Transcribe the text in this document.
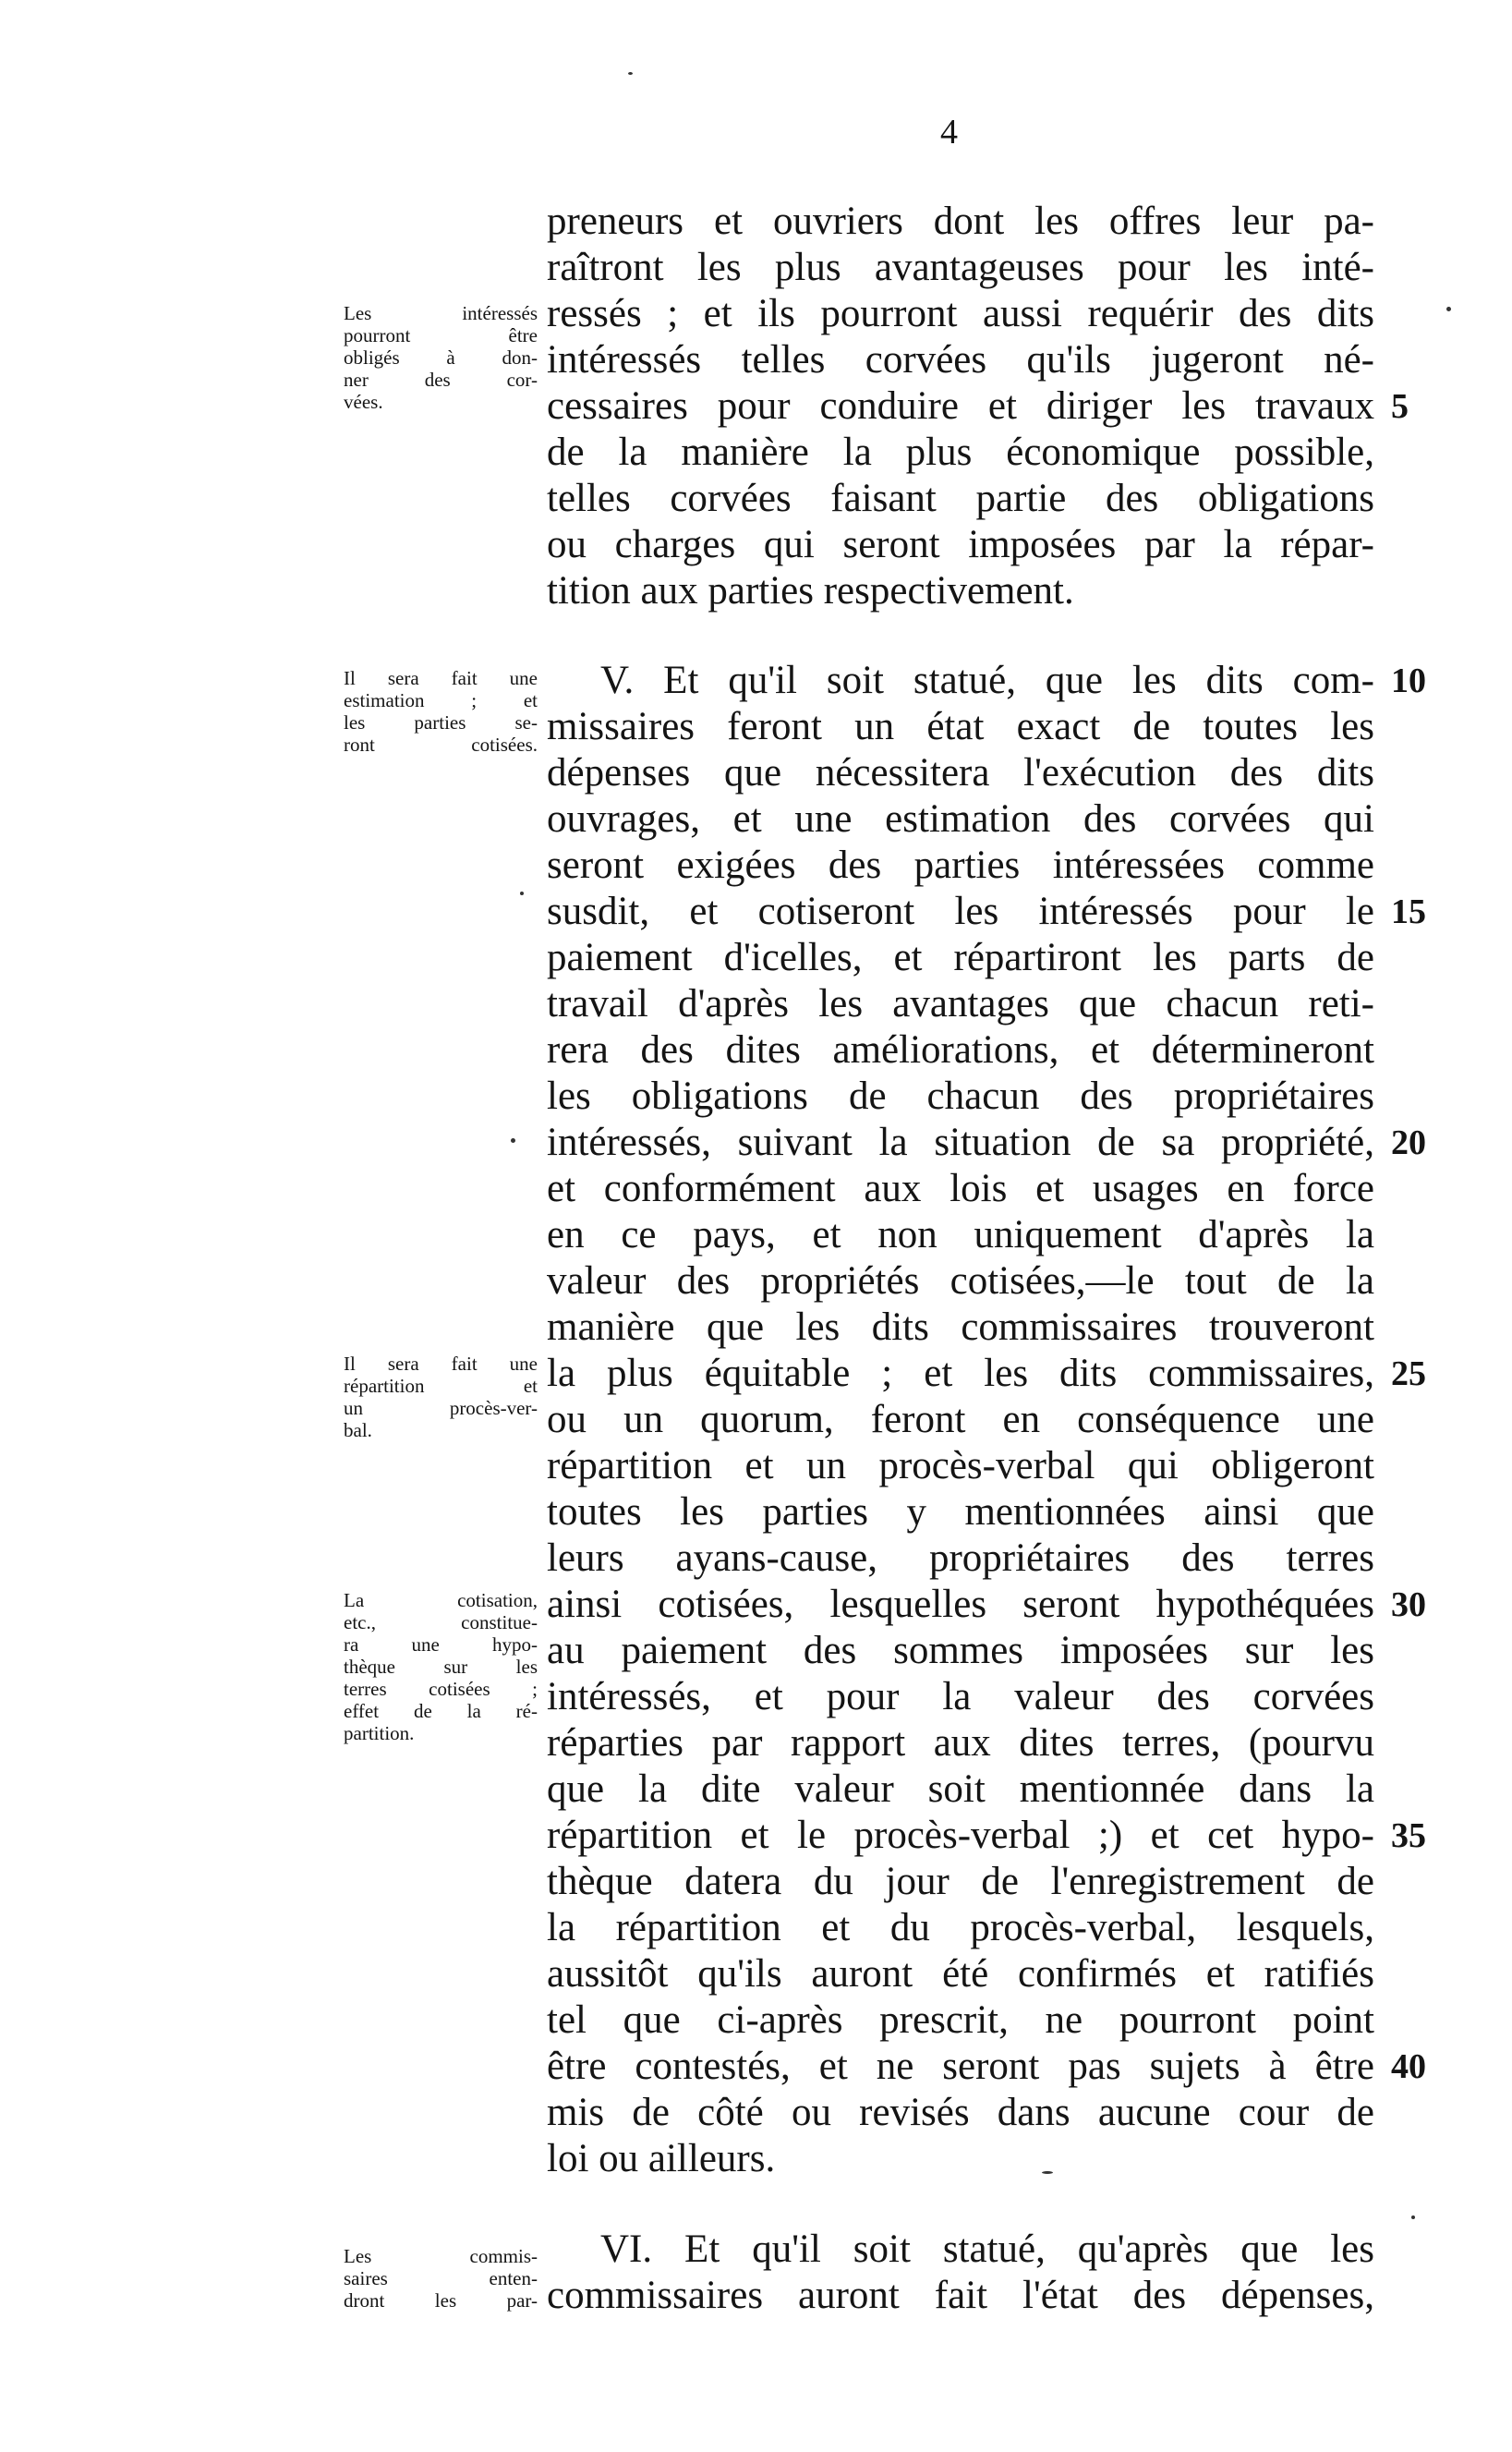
4
preneurs et ouvriers dont les offres leur pa-
raîtront les plus avantageuses pour les inté-
ressés ; et ils pourront aussi requérir des dits
intéressés telles corvées qu'ils jugeront né-
cessaires pour conduire et diriger les travaux
de la manière la plus économique possible,
telles corvées faisant partie des obligations
ou charges qui seront imposées par la répar-
tition aux parties respectivement.
V. Et qu'il soit statué, que les dits com-
missaires feront un état exact de toutes les
dépenses que nécessitera l'exécution des dits
ouvrages, et une estimation des corvées qui
seront exigées des parties intéressées comme
susdit, et cotiseront les intéressés pour le
paiement d'icelles, et répartiront les parts de
travail d'après les avantages que chacun reti-
rera des dites améliorations, et détermineront
les obligations de chacun des propriétaires
intéressés, suivant la situation de sa propriété,
et conformément aux lois et usages en force
en ce pays, et non uniquement d'après la
valeur des propriétés cotisées,—le tout de la
manière que les dits commissaires trouveront
la plus équitable ; et les dits commissaires,
ou un quorum, feront en conséquence une
répartition et un procès-verbal qui obligeront
toutes les parties y mentionnées ainsi que
leurs ayans-cause, propriétaires des terres
ainsi cotisées, lesquelles seront hypothéquées
au paiement des sommes imposées sur les
intéressés, et pour la valeur des corvées
réparties par rapport aux dites terres, (pourvu
que la dite valeur soit mentionnée dans la
répartition et le procès-verbal ;) et cet hypo-
thèque datera du jour de l'enregistrement de
la répartition et du procès-verbal, lesquels,
aussitôt qu'ils auront été confirmés et ratifiés
tel que ci-après prescrit, ne pourront point
être contestés, et ne seront pas sujets à être
mis de côté ou revisés dans aucune cour de
loi ou ailleurs.
VI. Et qu'il soit statué, qu'après que les
commissaires auront fait l'état des dépenses,
5
10
15
20
25
30
35
40
Les intéressés
pourront être
obligés à don-
ner des cor-
vées.
Il sera fait une
estimation ; et
les parties se-
ront cotisées.
Il sera fait une
répartition et
un procès-ver-
bal.
La cotisation,
etc., constitue-
ra une hypo-
thèque sur les
terres cotisées ;
effet de la ré-
partition.
Les commis-
saires enten-
dront les par-
